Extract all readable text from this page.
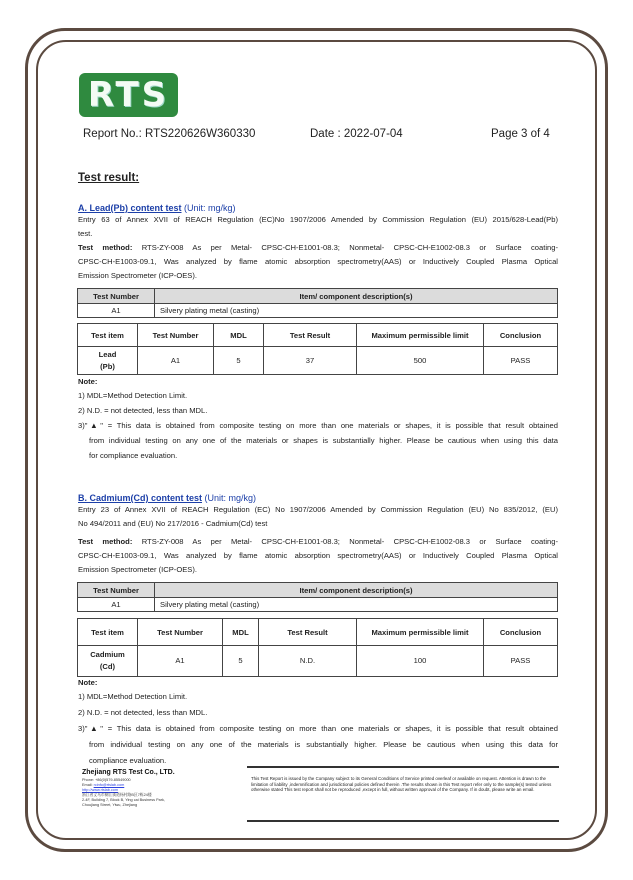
RTS
Report No.: RTS220626W360330	Date : 2022-07-04	Page 3 of 4
Test result:
A. Lead(Pb) content test (Unit: mg/kg)
Entry 63 of Annex XVII of REACH Regulation (EC)No 1907/2006 Amended by Commission Regulation (EU) 2015/628-Lead(Pb)
test.
Test method: RTS-ZY-008 As per Metal- CPSC-CH-E1001-08.3; Nonmetal- CPSC-CH-E1002-08.3 or Surface coating-
CPSC-CH-E1003-09.1, Was analyzed by flame atomic absorption spectrometry(AAS) or Inductively Coupled Plasma Optical
Emission Spectrometer (ICP-OES).
Test Number	Item/ component description(s)
A1	Silvery plating metal (casting)
Test item	Test Number	MDL	Test Result	Maximum permissible limit	Conclusion

Lead
(Pb)	A1	5	37	500	PASS
Note:
1) MDL=Method Detection Limit.
2) N.D. = not detected, less than MDL.
3)"▲" = This data is obtained from composite testing on more than one materials or shapes, it is possible that result obtained
from individual testing on any one of the materials or shapes is substantially higher. Please be cautious when using this data
for compliance evaluation.
B. Cadmium(Cd) content test (Unit: mg/kg)
Entry 23 of Annex XVII of REACH Regulation (EC) No 1907/2006 Amended by Commission Regulation (EU) No 835/2012, (EU)
No 494/2011 and (EU) No 217/2016 - Cadmium(Cd) test
Test method: RTS-ZY-008 As per Metal- CPSC-CH-E1001-08.3; Nonmetal- CPSC-CH-E1002-08.3 or Surface coating-
CPSC-CH-E1003-09.1, Was analyzed by flame atomic absorption spectrometry(AAS) or Inductively Coupled Plasma Optical
Emission Spectrometer (ICP-OES).
Test Number	Item/ component description(s)
A1	Silvery plating metal (casting)
Test item	Test Number	MDL	Test Result	Maximum permissible limit	Conclusion

Cadmium
(Cd)	A1	5	N.D.	100	PASS
Note:
1) MDL=Method Detection Limit.
2) N.D. = not detected, less than MDL.
3)"▲" = This data is obtained from composite testing on more than one materials or shapes, it is possible that result obtained
from individual testing on any one of the materials is substantially higher. Please be cautious when using this data for
compliance evaluation.
Zhejiang RTS Test Co., LTD.
Phone: +86(0)579-85549000
Email: rcinfo@rtslab.com
http://www.rtslab.com
浙江省义乌市稠江街道杨村路B区7栋24楼
2-4F, Building 7, Block B, Ying cai Business Park,
Choujiang Street, Yiwu, Zhejiang
This Test Report is issued by the Company subject to its General Conditions of Service printed overleaf or available on request. Attention is drawn to the limitation of liability ,indemnification and jurisdictional policies defined therein .The results shown in this Test report refer only to the sample(s) tested unless otherwise stated This test report shall not be reproduced ,except in full, without written approval of the Company. If in doubt, please write an email.
